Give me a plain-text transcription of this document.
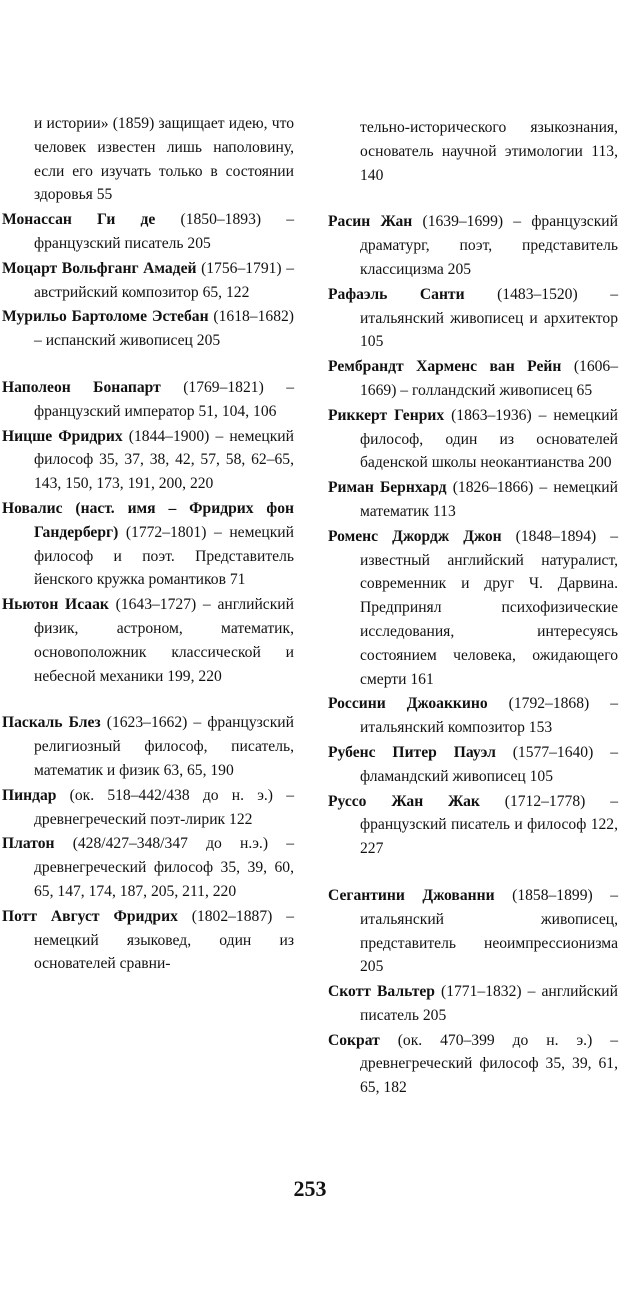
и истории» (1859) защищает идею, что человек известен лишь наполовину, если его изучать только в состоянии здоровья 55

Монассан Ги де (1850–1893) – французский писатель 205

Моцарт Вольфганг Амадей (1756–1791) – австрийский композитор 65, 122

Мурильо Бартоломе Эстебан (1618–1682) – испанский живописец 205

Наполеон Бонапарт (1769–1821) – французский император 51, 104, 106

Ницше Фридрих (1844–1900) – немецкий философ 35, 37, 38, 42, 57, 58, 62–65, 143, 150, 173, 191, 200, 220

Новалис (наст. имя – Фридрих фон Гандерберг) (1772–1801) – немецкий философ и поэт. Представитель йенского кружка романтиков 71

Ньютон Исаак (1643–1727) – английский физик, астроном, математик, основоположник классической и небесной механики 199, 220

Паскаль Блез (1623–1662) – французский религиозный философ, писатель, математик и физик 63, 65, 190

Пиндар (ок. 518–442/438 до н. э.) – древнегреческий поэт-лирик 122

Платон (428/427–348/347 до н.э.) – древнегреческий философ 35, 39, 60, 65, 147, 174, 187, 205, 211, 220

Потт Август Фридрих (1802–1887) – немецкий языковед, один из основателей сравни-

тельно-исторического языкознания, основатель научной этимологии 113, 140

Расин Жан (1639–1699) – французский драматург, поэт, представитель классицизма 205

Рафаэль Санти (1483–1520) – итальянский живописец и архитектор 105

Рембрандт Харменс ван Рейн (1606–1669) – голландский живописец 65

Риккерт Генрих (1863–1936) – немецкий философ, один из основателей баденской школы неокантианства 200

Риман Бернхард (1826–1866) – немецкий математик 113

Роменс Джордж Джон (1848–1894) – известный английский натуралист, современник и друг Ч. Дарвина. Предпринял психофизические исследования, интересуясь состоянием человека, ожидающего смерти 161

Россини Джоаккино (1792–1868) – итальянский композитор 153

Рубенс Питер Пауэл (1577–1640) – фламандский живописец 105

Руссо Жан Жак (1712–1778) – французский писатель и философ 122, 227

Сегантини Джованни (1858–1899) – итальянский живописец, представитель неоимпрессионизма 205

Скотт Вальтер (1771–1832) – английский писатель 205

Сократ (ок. 470–399 до н. э.) – древнегреческий философ 35, 39, 61, 65, 182

253
